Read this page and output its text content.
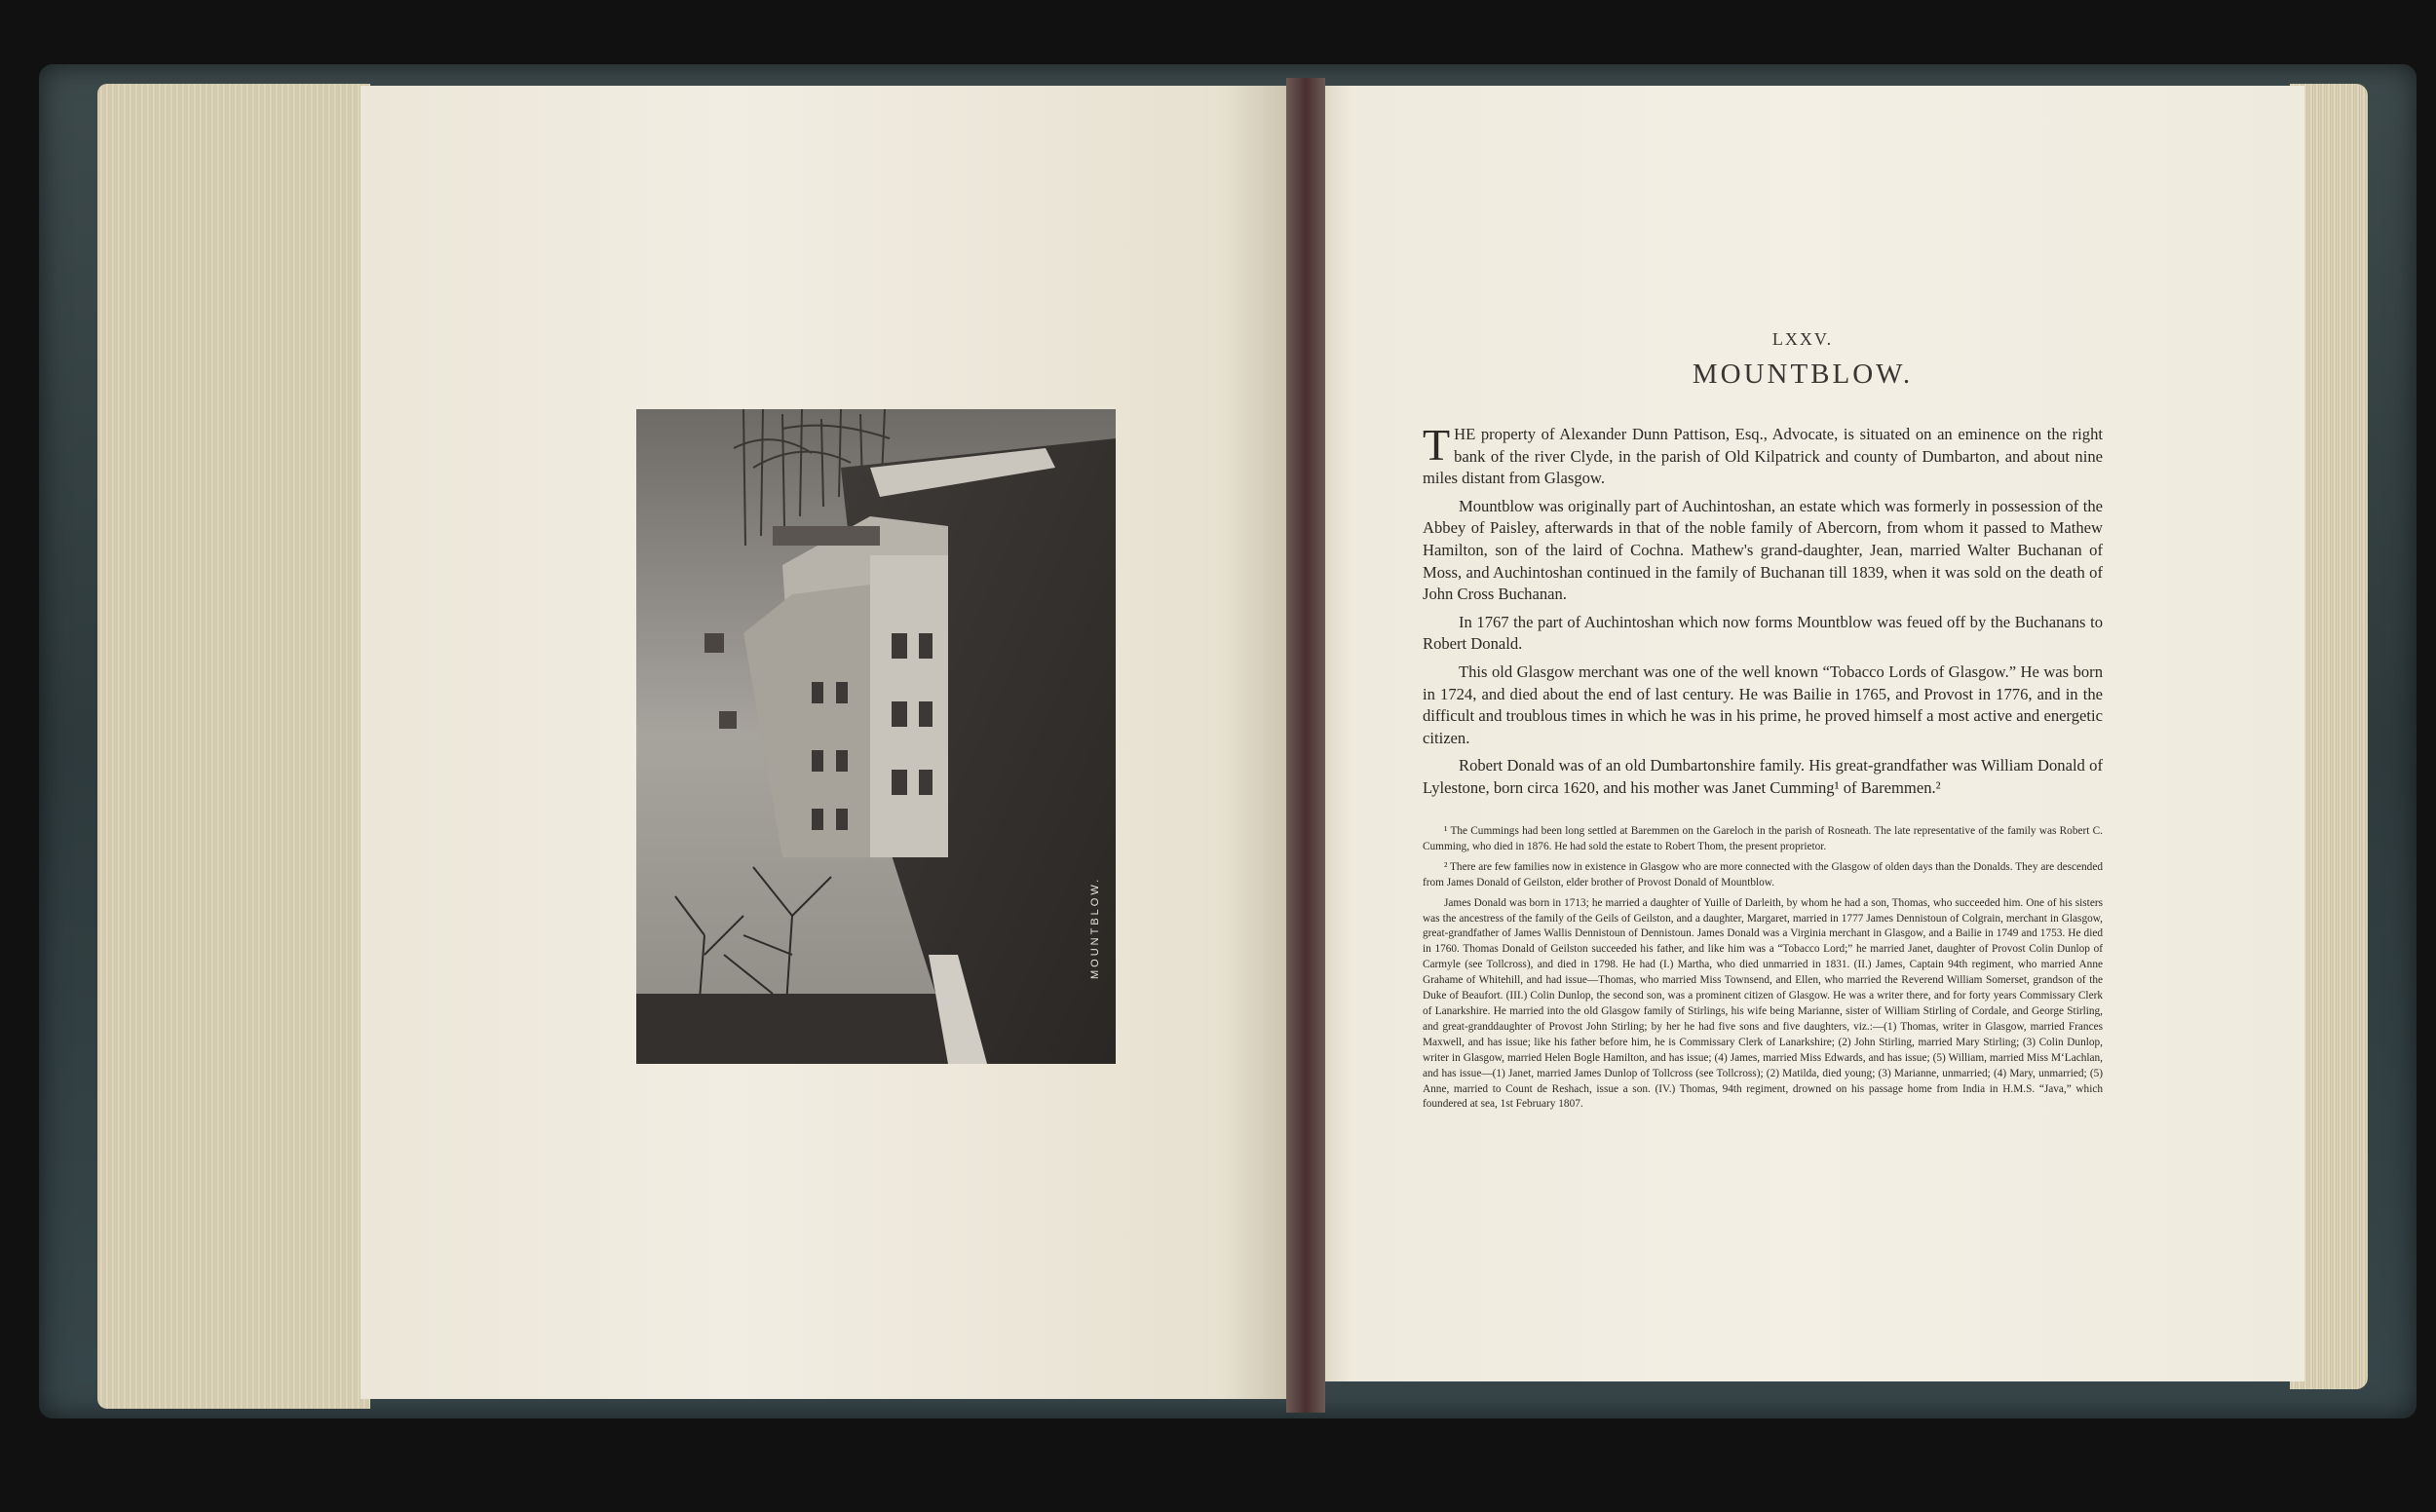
MOUNTBLOW.
LXXV.
MOUNTBLOW.

T HE property of Alexander Dunn Pattison, Esq., Advocate, is situated on an eminence on the right bank of the river Clyde, in the parish of Old Kilpatrick and county of Dumbarton, and about nine miles distant from Glasgow.

Mountblow was originally part of Auchintoshan, an estate which was formerly in possession of the Abbey of Paisley, afterwards in that of the noble family of Abercorn, from whom it passed to Mathew Hamilton, son of the laird of Cochna. Mathew's grand-daughter, Jean, married Walter Buchanan of Moss, and Auchintoshan continued in the family of Buchanan till 1839, when it was sold on the death of John Cross Buchanan.

In 1767 the part of Auchintoshan which now forms Mountblow was feued off by the Buchanans to Robert Donald.

This old Glasgow merchant was one of the well known “Tobacco Lords of Glasgow.” He was born in 1724, and died about the end of last century. He was Bailie in 1765, and Provost in 1776, and in the difficult and troublous times in which he was in his prime, he proved himself a most active and energetic citizen.

Robert Donald was of an old Dumbartonshire family. His great-grandfather was William Donald of Lylestone, born circa 1620, and his mother was Janet Cumming¹ of Baremmen.²

¹ The Cummings had been long settled at Baremmen on the Gareloch in the parish of Rosneath. The late representative of the family was Robert C. Cumming, who died in 1876. He had sold the estate to Robert Thom, the present proprietor.

² There are few families now in existence in Glasgow who are more connected with the Glasgow of olden days than the Donalds. They are descended from James Donald of Geilston, elder brother of Provost Donald of Mountblow.

James Donald was born in 1713; he married a daughter of Yuille of Darleith, by whom he had a son, Thomas, who succeeded him. One of his sisters was the ancestress of the family of the Geils of Geilston, and a daughter, Margaret, married in 1777 James Dennistoun of Colgrain, merchant in Glasgow, great-grandfather of James Wallis Dennistoun of Dennistoun. James Donald was a Virginia merchant in Glasgow, and a Bailie in 1749 and 1753. He died in 1760. Thomas Donald of Geilston succeeded his father, and like him was a “Tobacco Lord;” he married Janet, daughter of Provost Colin Dunlop of Carmyle (see Tollcross), and died in 1798. He had (I.) Martha, who died unmarried in 1831. (II.) James, Captain 94th regiment, who married Anne Grahame of Whitehill, and had issue—Thomas, who married Miss Townsend, and Ellen, who married the Reverend William Somerset, grandson of the Duke of Beaufort. (III.) Colin Dunlop, the second son, was a prominent citizen of Glasgow. He was a writer there, and for forty years Commissary Clerk of Lanarkshire. He married into the old Glasgow family of Stirlings, his wife being Marianne, sister of William Stirling of Cordale, and George Stirling, and great-granddaughter of Provost John Stirling; by her he had five sons and five daughters, viz.:—(1) Thomas, writer in Glasgow, married Frances Maxwell, and has issue; like his father before him, he is Commissary Clerk of Lanarkshire; (2) John Stirling, married Mary Stirling; (3) Colin Dunlop, writer in Glasgow, married Helen Bogle Hamilton, and has issue; (4) James, married Miss Edwards, and has issue; (5) William, married Miss M‘Lachlan, and has issue—(1) Janet, married James Dunlop of Tollcross (see Tollcross); (2) Matilda, died young; (3) Marianne, unmarried; (4) Mary, unmarried; (5) Anne, married to Count de Reshach, issue a son. (IV.) Thomas, 94th regiment, drowned on his passage home from India in H.M.S. “Java,” which foundered at sea, 1st February 1807.
